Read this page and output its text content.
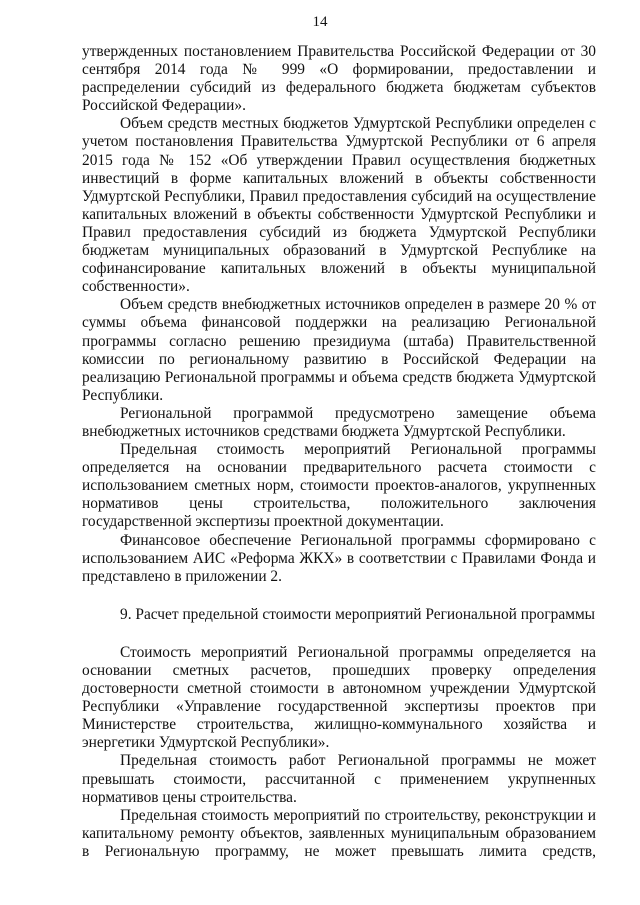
14

утвержденных постановлением Правительства Российской Федерации от 30 сентября 2014 года № 999 «О формировании, предоставлении и распределении субсидий из федерального бюджета бюджетам субъектов Российской Федерации».

Объем средств местных бюджетов Удмуртской Республики определен с учетом постановления Правительства Удмуртской Республики от 6 апреля 2015 года № 152 «Об утверждении Правил осуществления бюджетных инвестиций в форме капитальных вложений в объекты собственности Удмуртской Республики, Правил предоставления субсидий на осуществление капитальных вложений в объекты собственности Удмуртской Республики и Правил предоставления субсидий из бюджета Удмуртской Республики бюджетам муниципальных образований в Удмуртской Республике на софинансирование капитальных вложений в объекты муниципальной собственности».

Объем средств внебюджетных источников определен в размере 20 % от суммы объема финансовой поддержки на реализацию Региональной программы согласно решению президиума (штаба) Правительственной комиссии по региональному развитию в Российской Федерации на реализацию Региональной программы и объема средств бюджета Удмуртской Республики.

Региональной программой предусмотрено замещение объема внебюджетных источников средствами бюджета Удмуртской Республики.

Предельная стоимость мероприятий Региональной программы определяется на основании предварительного расчета стоимости с использованием сметных норм, стоимости проектов-аналогов, укрупненных нормативов цены строительства, положительного заключения государственной экспертизы проектной документации.

Финансовое обеспечение Региональной программы сформировано с использованием АИС «Реформа ЖКХ» в соответствии с Правилами Фонда и представлено в приложении 2.

9. Расчет предельной стоимости мероприятий Региональной программы

Стоимость мероприятий Региональной программы определяется на основании сметных расчетов, прошедших проверку определения достоверности сметной стоимости в автономном учреждении Удмуртской Республики «Управление государственной экспертизы проектов при Министерстве строительства, жилищно-коммунального хозяйства и энергетики Удмуртской Республики».

Предельная стоимость работ Региональной программы не может превышать стоимости, рассчитанной с применением укрупненных нормативов цены строительства.

Предельная стоимость мероприятий по строительству, реконструкции и капитальному ремонту объектов, заявленных муниципальным образованием в Региональную программу, не может превышать лимита средств,
